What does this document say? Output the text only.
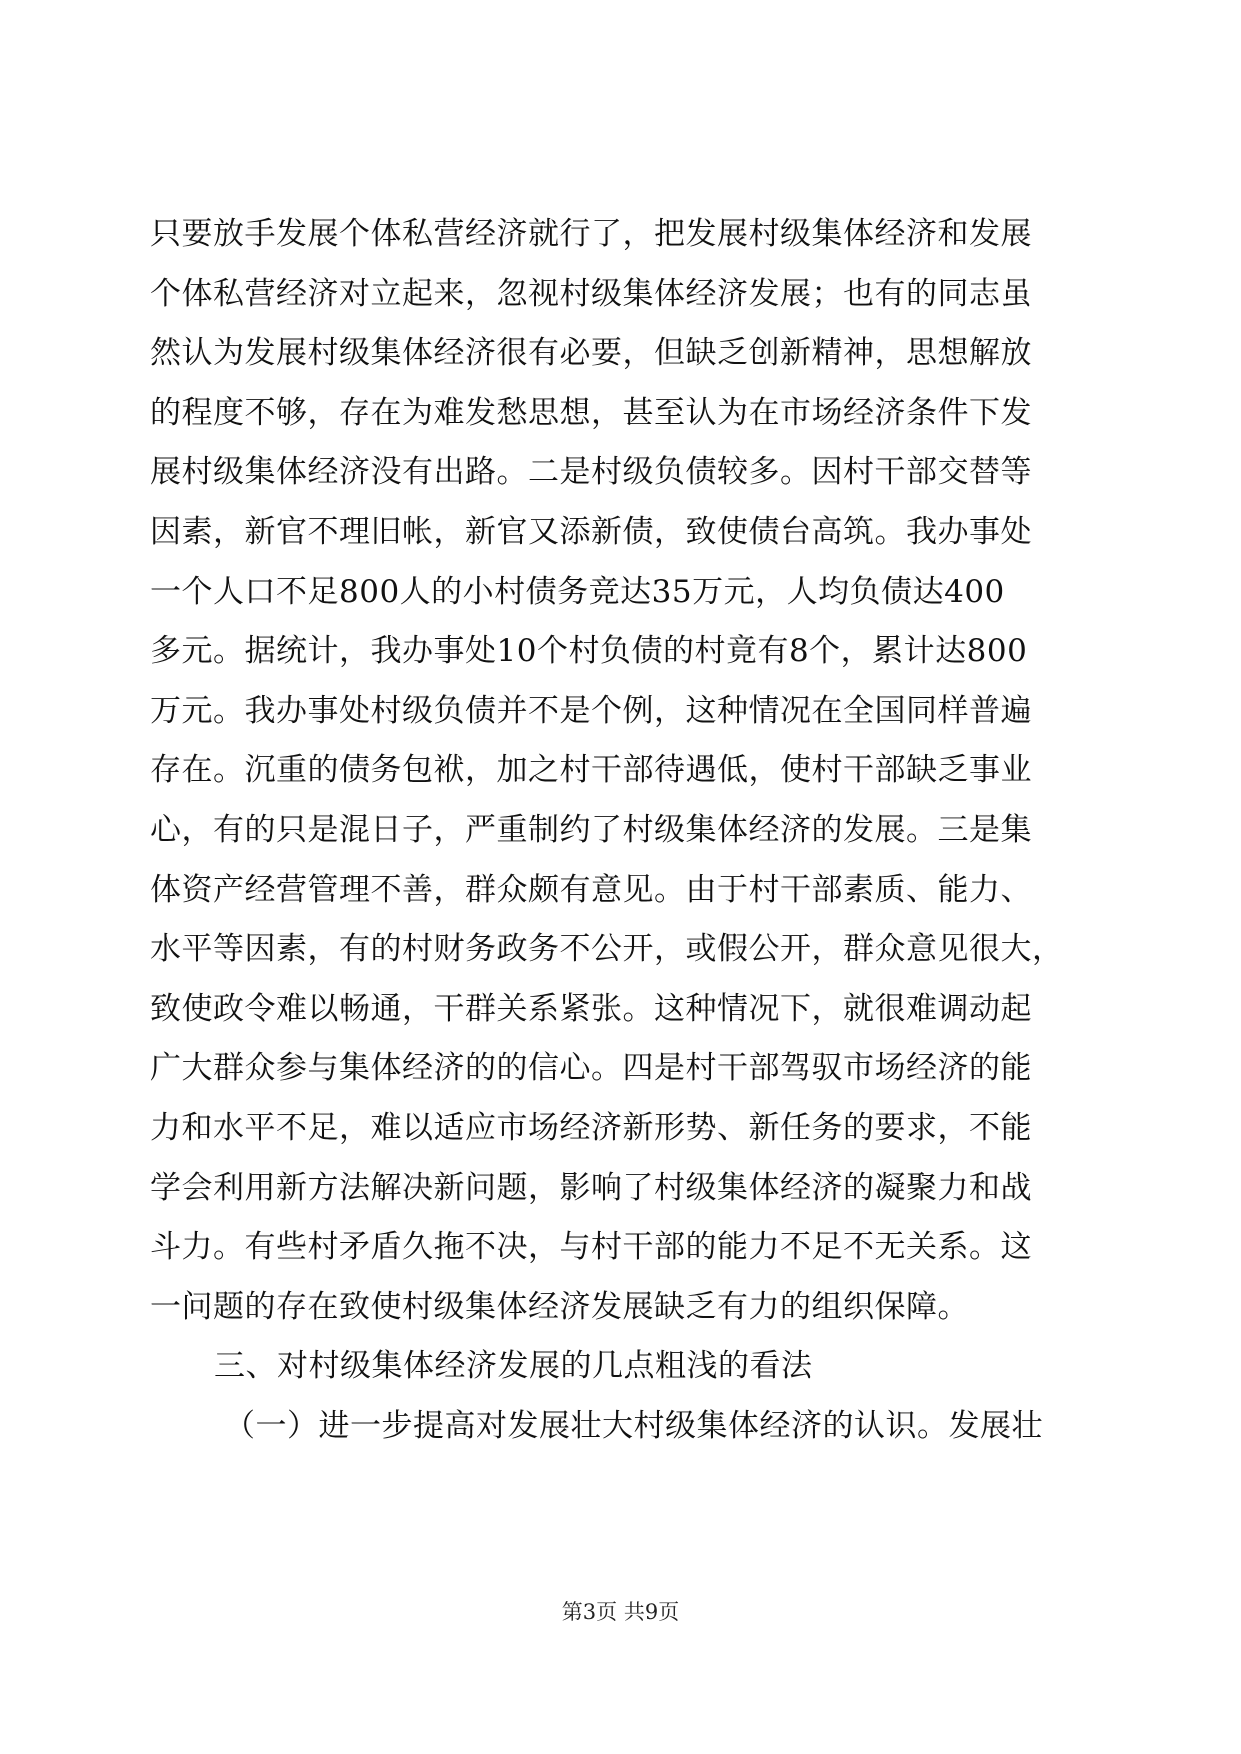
只要放手发展个体私营经济就行了，把发展村级集体经济和发展
个体私营经济对立起来，忽视村级集体经济发展；也有的同志虽
然认为发展村级集体经济很有必要，但缺乏创新精神，思想解放
的程度不够，存在为难发愁思想，甚至认为在市场经济条件下发
展村级集体经济没有出路。二是村级负债较多。因村干部交替等
因素，新官不理旧帐，新官又添新债，致使债台高筑。我办事处
一个人口不足800人的小村债务竞达35万元，人均负债达400
多元。据统计，我办事处10个村负债的村竟有8个，累计达800
万元。我办事处村级负债并不是个例，这种情况在全国同样普遍
存在。沉重的债务包袱，加之村干部待遇低，使村干部缺乏事业
心，有的只是混日子，严重制约了村级集体经济的发展。三是集
体资产经营管理不善，群众颇有意见。由于村干部素质、能力、
水平等因素，有的村财务政务不公开，或假公开，群众意见很大，
致使政令难以畅通，干群关系紧张。这种情况下，就很难调动起
广大群众参与集体经济的的信心。四是村干部驾驭市场经济的能
力和水平不足，难以适应市场经济新形势、新任务的要求，不能
学会利用新方法解决新问题，影响了村级集体经济的凝聚力和战
斗力。有些村矛盾久拖不决，与村干部的能力不足不无关系。这
一问题的存在致使村级集体经济发展缺乏有力的组织保障。
三、对村级集体经济发展的几点粗浅的看法
（一）进一步提高对发展壮大村级集体经济的认识。发展壮
第3页 共9页
